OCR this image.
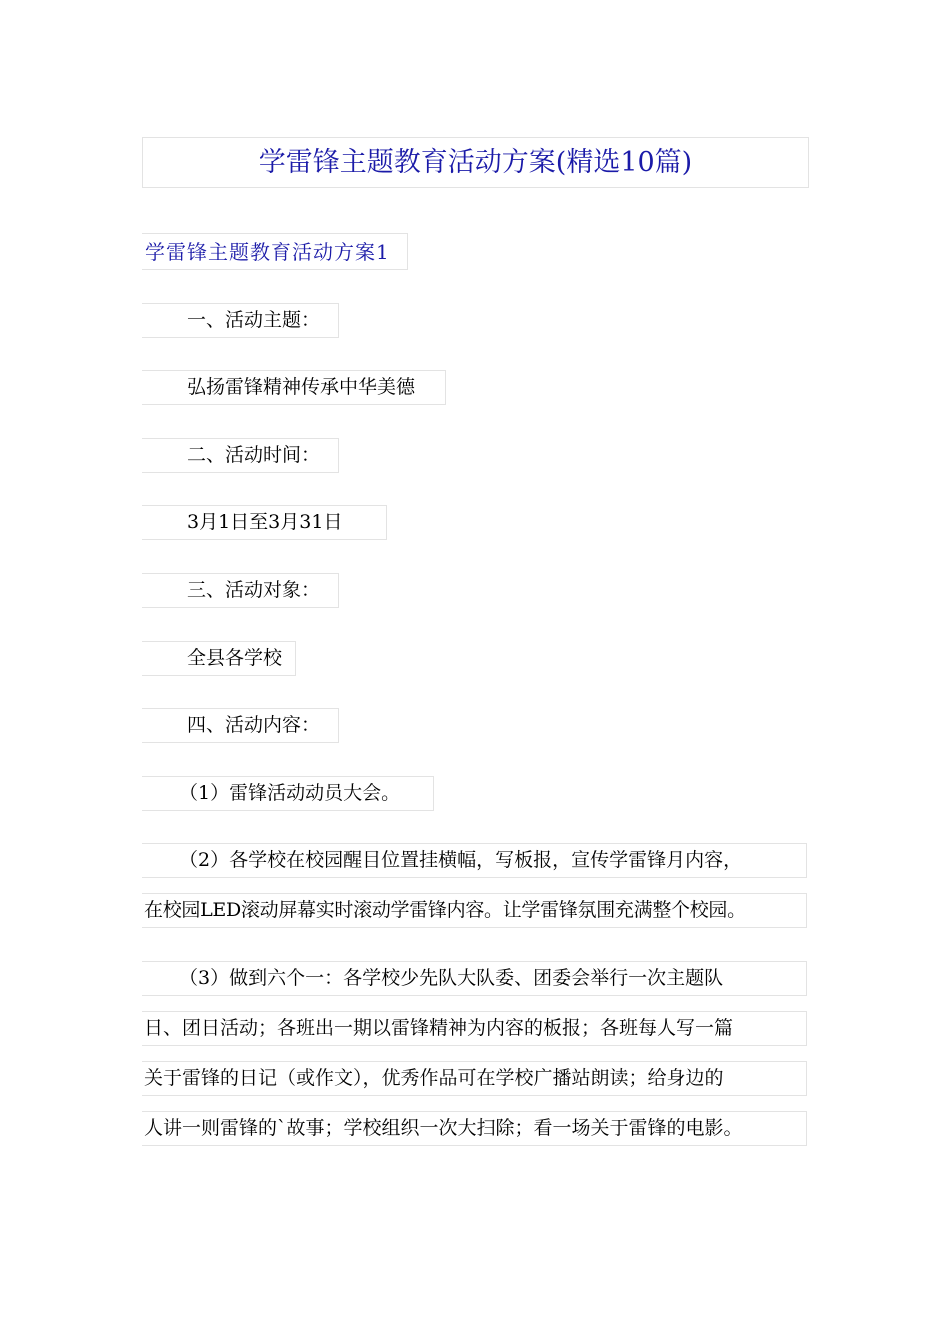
学雷锋主题教育活动方案(精选10篇)
学雷锋主题教育活动方案1
一、活动主题：
弘扬雷锋精神传承中华美德
二、活动时间：
3月1日至3月31日
三、活动对象：
全县各学校
四、活动内容：
（1）雷锋活动动员大会。
（2）各学校在校园醒目位置挂横幅，写板报，宣传学雷锋月内容，
在校园LED滚动屏幕实时滚动学雷锋内容。让学雷锋氛围充满整个校园。
（3）做到六个一：各学校少先队大队委、团委会举行一次主题队
日、团日活动；各班出一期以雷锋精神为内容的板报；各班每人写一篇
关于雷锋的日记（或作文），优秀作品可在学校广播站朗读；给身边的
人讲一则雷锋的`故事；学校组织一次大扫除；看一场关于雷锋的电影。
